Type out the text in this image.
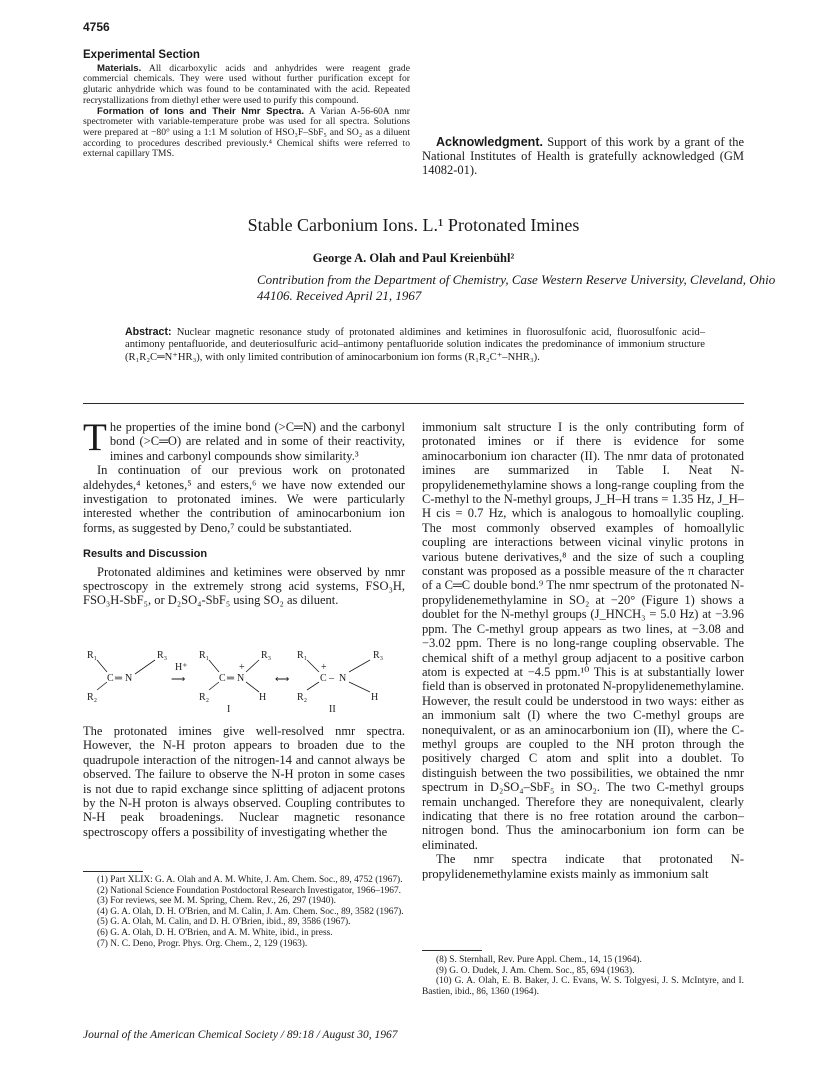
4756
Experimental Section

Materials. All dicarboxylic acids and anhydrides were reagent grade commercial chemicals. They were used without further purification except for glutaric anhydride which was found to be contaminated with the acid. Repeated recrystallizations from diethyl ether were used to purify this compound.

Formation of Ions and Their Nmr Spectra. A Varian A-56-60A nmr spectrometer with variable-temperature probe was used for all spectra. Solutions were prepared at −80° using a 1:1 M solution of HSO₃F–SbF₅ and SO₂ as a diluent according to procedures described previously.⁴ Chemical shifts were referred to external capillary TMS.

Acknowledgment. Support of this work by a grant of the National Institutes of Health is gratefully acknowledged (GM 14082-01).

Stable Carbonium Ions. L.¹ Protonated Imines
George A. Olah and Paul Kreienbühl²
Contribution from the Department of Chemistry, Case Western Reserve University, Cleveland, Ohio 44106. Received April 21, 1967
Abstract: Nuclear magnetic resonance study of protonated aldimines and ketimines in fluorosulfonic acid, fluorosulfonic acid–antimony pentafluoride, and deuteriosulfuric acid–antimony pentafluoride solution indicates the predominance of immonium structure (R₁R₂C═N⁺HR₃), with only limited contribution of aminocarbonium ion forms (R₁R₂C⁺–NHR₃).

The properties of the imine bond (>C═N) and the carbonyl bond (>C═O) are related and in some of their reactivity, imines and carbonyl compounds show similarity.³

In continuation of our previous work on protonated aldehydes,⁴ ketones,⁵ and esters,⁶ we have now extended our investigation to protonated imines. We were particularly interested whether the contribution of aminocarbonium ion forms, as suggested by Deno,⁷ could be substantiated.

Results and Discussion

Protonated aldimines and ketimines were observed by nmr spectroscopy in the extremely strong acid systems, FSO₃H, FSO₃H-SbF₅, or D₂SO₄-SbF₅ using SO₂ as diluent.

R₁
R₂
R₃
C ═ N
H⁺
⟶
R₁
R₂
R₃
H
C ═ N
+
I
⟷
R₁
R₂
R₃
H
+
C – N
II

The protonated imines give well-resolved nmr spectra. However, the N-H proton appears to broaden due to the quadrupole interaction of the nitrogen-14 and cannot always be observed. The failure to observe the N-H proton in some cases is not due to rapid exchange since splitting of adjacent protons by the N-H proton is always observed. Coupling contributes to N-H peak broadenings. Nuclear magnetic resonance spectroscopy offers a possibility of investigating whether the

(1) Part XLIX: G. A. Olah and A. M. White, J. Am. Chem. Soc., 89, 4752 (1967).

(2) National Science Foundation Postdoctoral Research Investigator, 1966–1967.

(3) For reviews, see M. M. Spring, Chem. Rev., 26, 297 (1940).

(4) G. A. Olah, D. H. O'Brien, and M. Calin, J. Am. Chem. Soc., 89, 3582 (1967).

(5) G. A. Olah, M. Calin, and D. H. O'Brien, ibid., 89, 3586 (1967).

(6) G. A. Olah, D. H. O'Brien, and A. M. White, ibid., in press.

(7) N. C. Deno, Progr. Phys. Org. Chem., 2, 129 (1963).

immonium salt structure I is the only contributing form of protonated imines or if there is evidence for some aminocarbonium ion character (II). The nmr data of protonated imines are summarized in Table I. Neat N-propylidenemethylamine shows a long-range coupling from the C-methyl to the N-methyl groups, J_H–H trans = 1.35 Hz, J_H–H cis = 0.7 Hz, which is analogous to homoallylic coupling. The most commonly observed examples of homoallylic coupling are interactions between vicinal vinylic protons in various butene derivatives,⁸ and the size of such a coupling constant was proposed as a possible measure of the π character of a C═C double bond.⁹ The nmr spectrum of the protonated N-propylidenemethylamine in SO₂ at −20° (Figure 1) shows a doublet for the N-methyl groups (J_HNCH₃ = 5.0 Hz) at −3.96 ppm. The C-methyl group appears as two lines, at −3.08 and −3.02 ppm. There is no long-range coupling observable. The chemical shift of a methyl group adjacent to a positive carbon atom is expected at −4.5 ppm.¹⁰ This is at substantially lower field than is observed in protonated N-propylidenemethylamine. However, the result could be understood in two ways: either as an immonium salt (I) where the two C-methyl groups are nonequivalent, or as an aminocarbonium ion (II), where the C-methyl groups are coupled to the NH proton through the positively charged C atom and split into a doublet. To distinguish between the two possibilities, we obtained the nmr spectrum in D₂SO₄–SbF₅ in SO₂. The two C-methyl groups remain unchanged. Therefore they are nonequivalent, clearly indicating that there is no free rotation around the carbon–nitrogen bond. Thus the aminocarbonium ion form can be eliminated.

The nmr spectra indicate that protonated N-propylidenemethylamine exists mainly as immonium salt

(8) S. Sternhall, Rev. Pure Appl. Chem., 14, 15 (1964).

(9) G. O. Dudek, J. Am. Chem. Soc., 85, 694 (1963).

(10) G. A. Olah, E. B. Baker, J. C. Evans, W. S. Tolgyesi, J. S. McIntyre, and I. Bastien, ibid., 86, 1360 (1964).

Journal of the American Chemical Society / 89:18 / August 30, 1967
